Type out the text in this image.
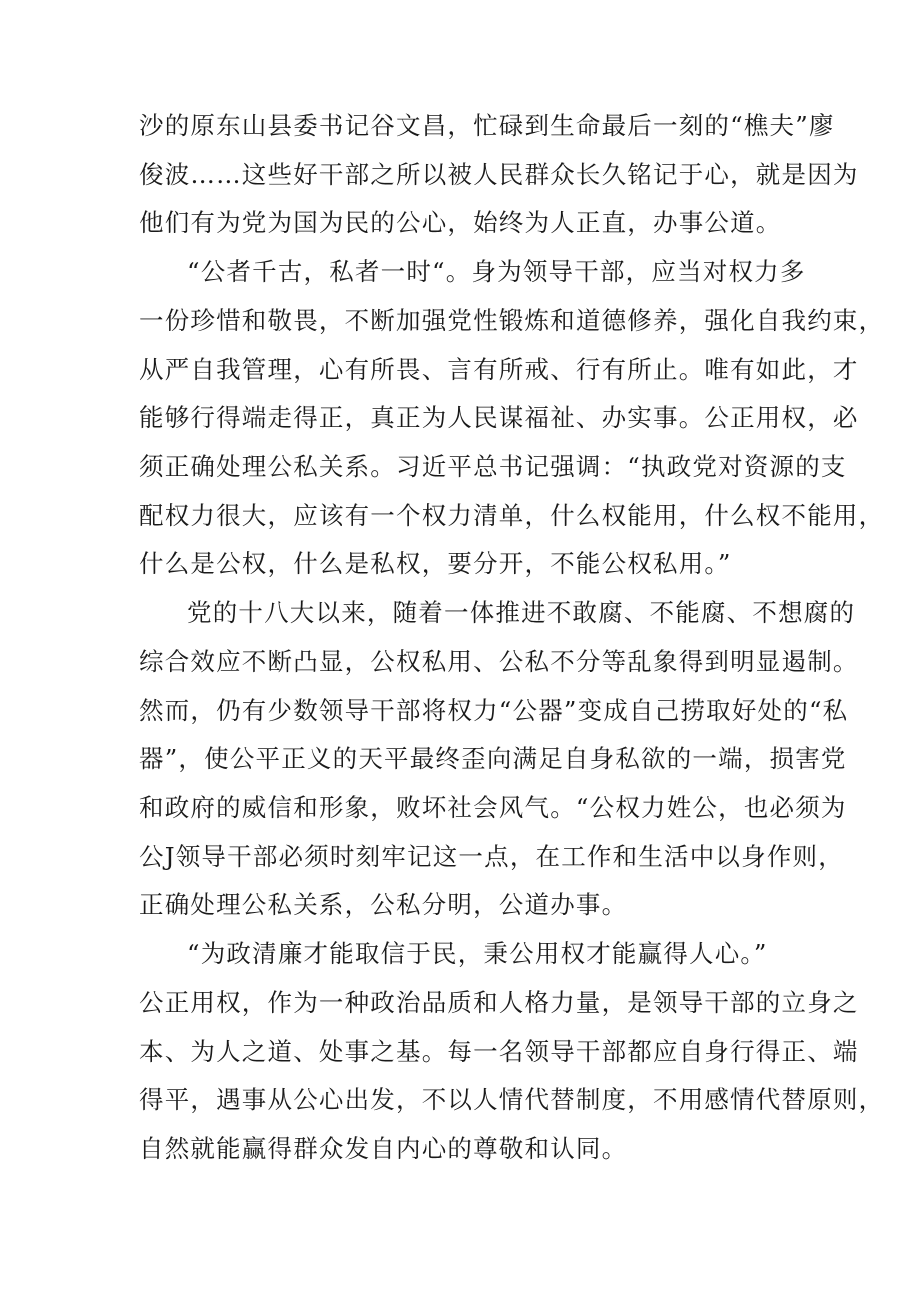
沙的原东山县委书记谷文昌，忙碌到生命最后一刻的“樵夫”廖
俊波……这些好干部之所以被人民群众长久铭记于心，就是因为
他们有为党为国为民的公心，始终为人正直，办事公道。
“公者千古，私者一时“。身为领导干部，应当对权力多
一份珍惜和敬畏，不断加强党性锻炼和道德修养，强化自我约束，
从严自我管理，心有所畏、言有所戒、行有所止。唯有如此，才
能够行得端走得正，真正为人民谋福祉、办实事。公正用权，必
须正确处理公私关系。习近平总书记强调：“执政党对资源的支
配权力很大，应该有一个权力清单，什么权能用，什么权不能用，
什么是公权，什么是私权，要分开，不能公权私用。”
党的十八大以来，随着一体推进不敢腐、不能腐、不想腐的
综合效应不断凸显，公权私用、公私不分等乱象得到明显遏制。
然而，仍有少数领导干部将权力“公器”变成自己捞取好处的“私
器”，使公平正义的天平最终歪向满足自身私欲的一端，损害党
和政府的威信和形象，败坏社会风气。“公权力姓公，也必须为
公J领导干部必须时刻牢记这一点，在工作和生活中以身作则，
正确处理公私关系，公私分明，公道办事。
“为政清廉才能取信于民，秉公用权才能赢得人心。”
公正用权，作为一种政治品质和人格力量，是领导干部的立身之
本、为人之道、处事之基。每一名领导干部都应自身行得正、端
得平，遇事从公心出发，不以人情代替制度，不用感情代替原则，
自然就能赢得群众发自内心的尊敬和认同。
